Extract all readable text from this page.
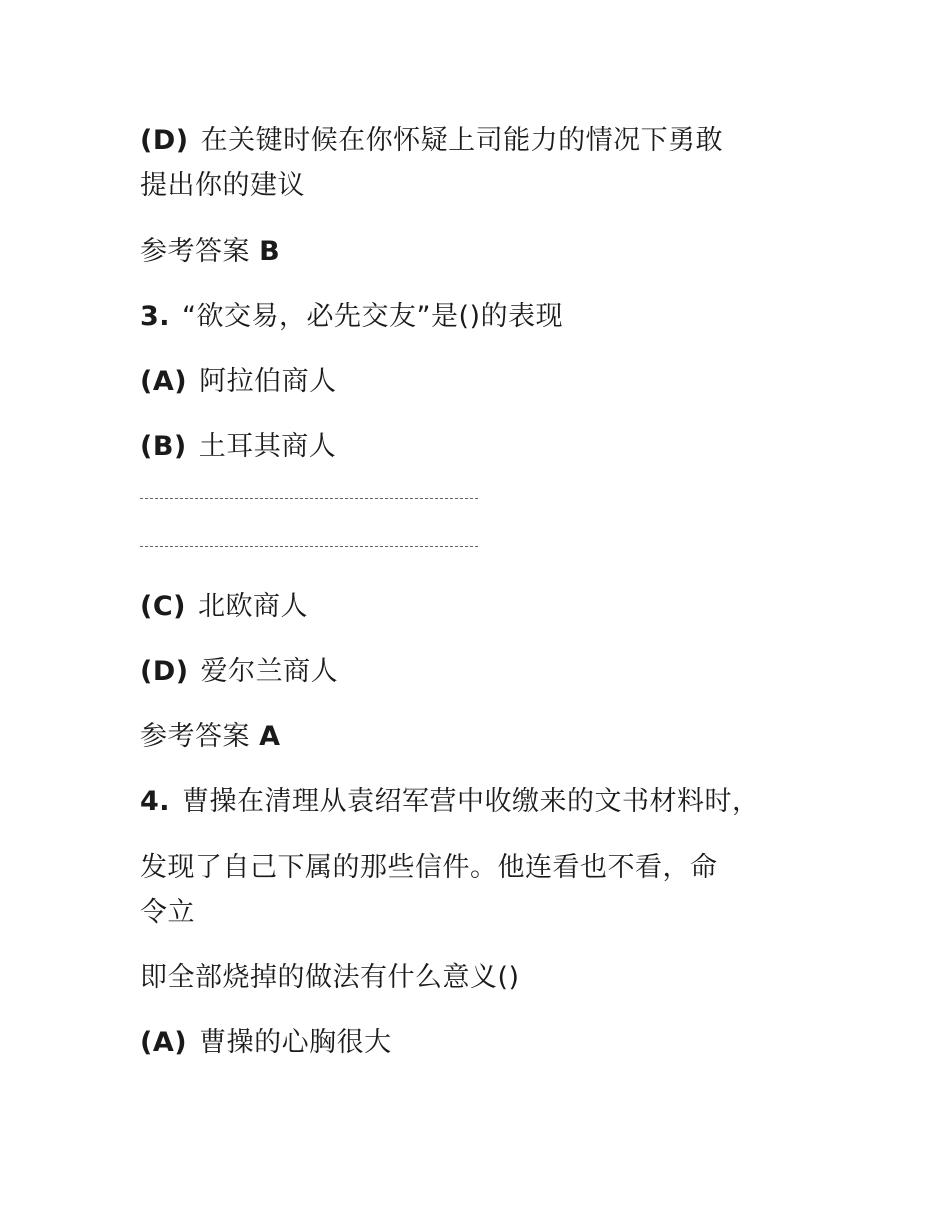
(D) 在关键时候在你怀疑上司能力的情况下勇敢
提出你的建议
参考答案 B
3. “欲交易，必先交友”是()的表现
(A) 阿拉伯商人
(B) 土耳其商人
(C) 北欧商人
(D) 爱尔兰商人
参考答案 A
4. 曹操在清理从袁绍军营中收缴来的文书材料时，
发现了自己下属的那些信件。他连看也不看，命
令立
即全部烧掉的做法有什么意义()
(A) 曹操的心胸很大
